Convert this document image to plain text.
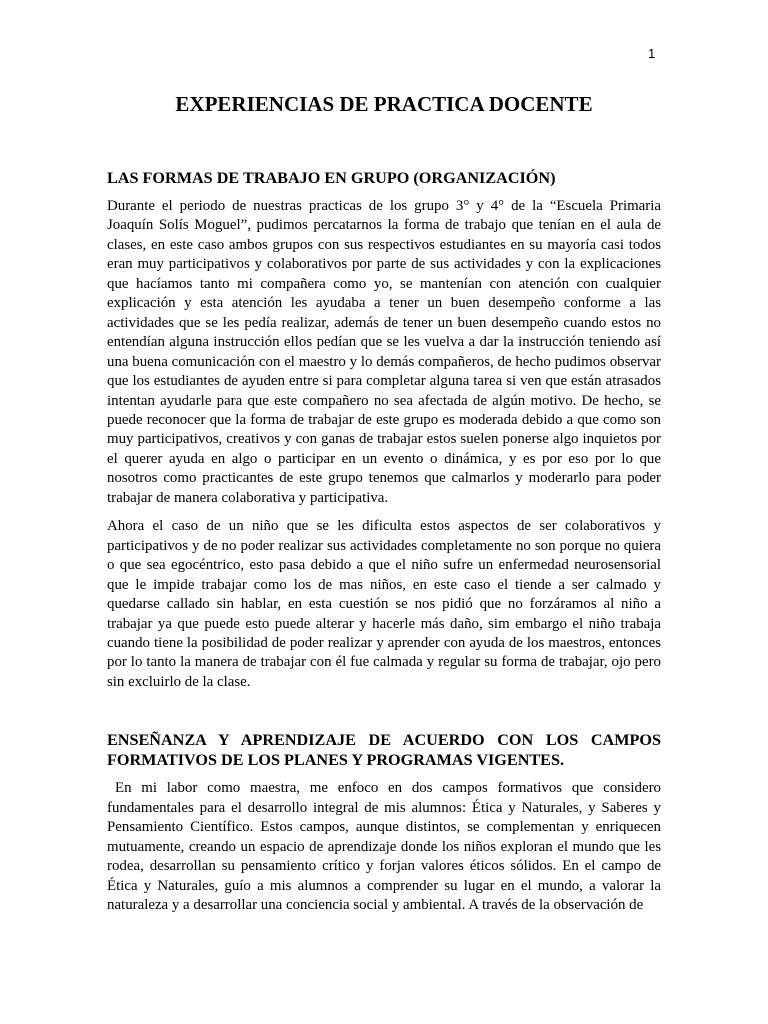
1
EXPERIENCIAS DE PRACTICA DOCENTE
LAS FORMAS DE TRABAJO EN GRUPO (ORGANIZACIÓN)

Durante el periodo de nuestras practicas de los grupo 3° y 4° de la “Escuela Primaria Joaquín Solís Moguel”, pudimos percatarnos la forma de trabajo que tenían en el aula de clases, en este caso ambos grupos con sus respectivos estudiantes en su mayoría casi todos eran muy participativos y colaborativos por parte de sus actividades y con la explicaciones que hacíamos tanto mi compañera como yo, se mantenían con atención con cualquier explicación y esta atención les ayudaba a tener un buen desempeño conforme a las actividades que se les pedía realizar, además de tener un buen desempeño cuando estos no entendían alguna instrucción ellos pedían que se les vuelva a dar la instrucción teniendo así una buena comunicación con el maestro y lo demás compañeros, de hecho pudimos observar que los estudiantes de ayuden entre si para completar alguna tarea si ven que están atrasados intentan ayudarle para que este compañero no sea afectada de algún motivo. De hecho, se puede reconocer que la forma de trabajar de este grupo es moderada debido a que como son muy participativos, creativos y con ganas de trabajar estos suelen ponerse algo inquietos por el querer ayuda en algo o participar en un evento o dinámica, y es por eso por lo que nosotros como practicantes de este grupo tenemos que calmarlos y moderarlo para poder trabajar de manera colaborativa y participativa.

Ahora el caso de un niño que se les dificulta estos aspectos de ser colaborativos y participativos y de no poder realizar sus actividades completamente no son porque no quiera o que sea egocéntrico, esto pasa debido a que el niño sufre un enfermedad neurosensorial que le impide trabajar como los de mas niños, en este caso el tiende a ser calmado y quedarse callado sin hablar, en esta cuestión se nos pidió que no forzáramos al niño a trabajar ya que puede esto puede alterar y hacerle más daño, sim embargo el niño trabaja cuando tiene la posibilidad de poder realizar y aprender con ayuda de los maestros, entonces por lo tanto la manera de trabajar con él fue calmada y regular su forma de trabajar, ojo pero sin excluirlo de la clase.

ENSEÑANZA Y APRENDIZAJE DE ACUERDO CON LOS CAMPOS FORMATIVOS DE LOS PLANES Y PROGRAMAS VIGENTES.

En mi labor como maestra, me enfoco en dos campos formativos que considero fundamentales para el desarrollo integral de mis alumnos: Ética y Naturales, y Saberes y Pensamiento Científico. Estos campos, aunque distintos, se complementan y enriquecen mutuamente, creando un espacio de aprendizaje donde los niños exploran el mundo que les rodea, desarrollan su pensamiento crítico y forjan valores éticos sólidos. En el campo de Ética y Naturales, guío a mis alumnos a comprender su lugar en el mundo, a valorar la naturaleza y a desarrollar una conciencia social y ambiental. A través de la observación de
